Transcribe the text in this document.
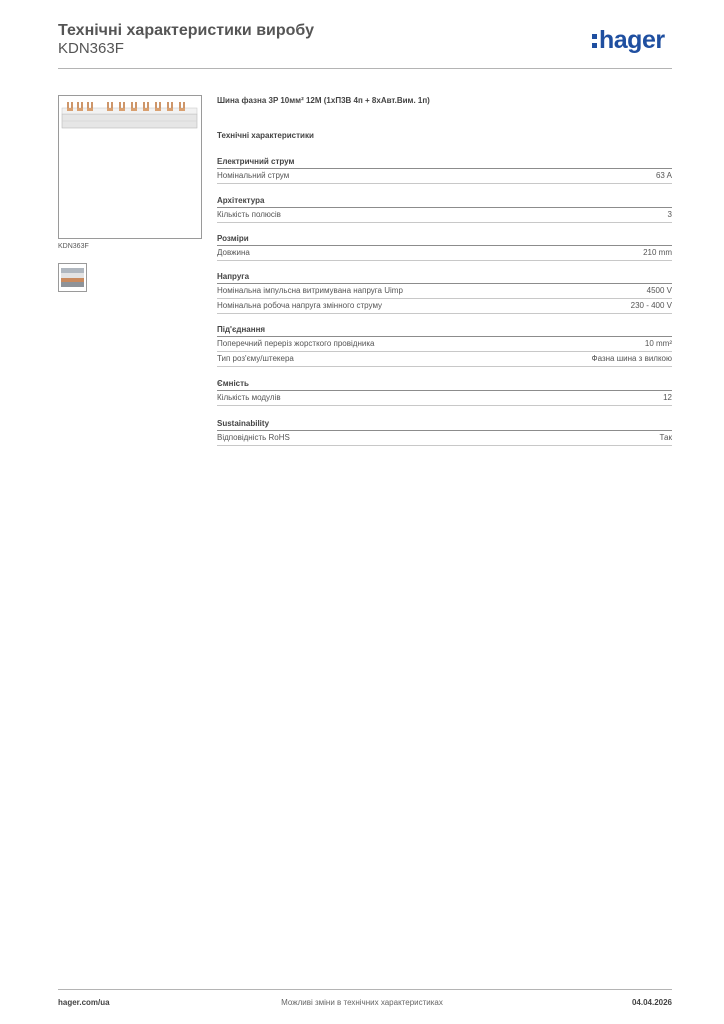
Технічні характеристики виробу
KDN363F	hager
KDN363F
Шина фазна 3P 10мм² 12M (1хП3В 4п + 8хАвт.Вим. 1п)
Технічні характеристики
Електричний струм
Номінальний струм	63 A
Архітектура
Кількість полюсів	3
Розміри
Довжина	210 mm
Напруга
Номінальна імпульсна витримувана напруга Uimp	4500 V
Номінальна робоча напруга змінного струму	230 - 400 V
Під'єднання
Поперечний переріз жорсткого провідника	10 mm²
Тип роз'єму/штекера	Фазна шина з вилкою
Ємність
Кількість модулів	12
Sustainability
Відповідність RoHS	Так
Можливі зміни в технічних характеристиках
hager.com/ua	04.04.2026
